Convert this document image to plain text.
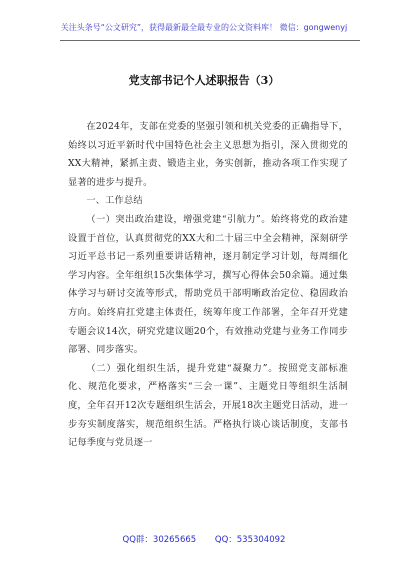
关注头条号“公文研究”，获得最新最全最专业的公文资料库！ 微信：gongwenyj
党支部书记个人述职报告（3）

在2024年，支部在党委的坚强引领和机关党委的正确指导下，始终以习近平新时代中国特色社会主义思想为指引，深入贯彻党的XX大精神，紧抓主责、锻造主业，务实创新，推动各项工作实现了显著的进步与提升。

一、工作总结

（一）突出政治建设，增强党建“引航力”。始终将党的政治建设置于首位，认真贯彻党的XX大和二十届三中全会精神，深刻研学习近平总书记一系列重要讲话精神，逐月制定学习计划，每周细化学习内容。全年组织15次集体学习，撰写心得体会50余篇。通过集体学习与研讨交流等形式，帮助党员干部明晰政治定位、稳固政治方向。始终肩扛党建主体责任，统筹年度工作部署，全年召开党建专题会议14次，研究党建议题20个，有效推动党建与业务工作同步部署、同步落实。

（二）强化组织生活，提升党建“凝聚力”。按照党支部标准化、规范化要求，严格落实“三会一课”、主题党日等组织生活制度，全年召开12次专题组织生活会，开展18次主题党日活动，进一步夯实制度落实，规范组织生活。严格执行谈心谈话制度，支部书记每季度与党员逐一

QQ群：30265665 QQ：535304092
